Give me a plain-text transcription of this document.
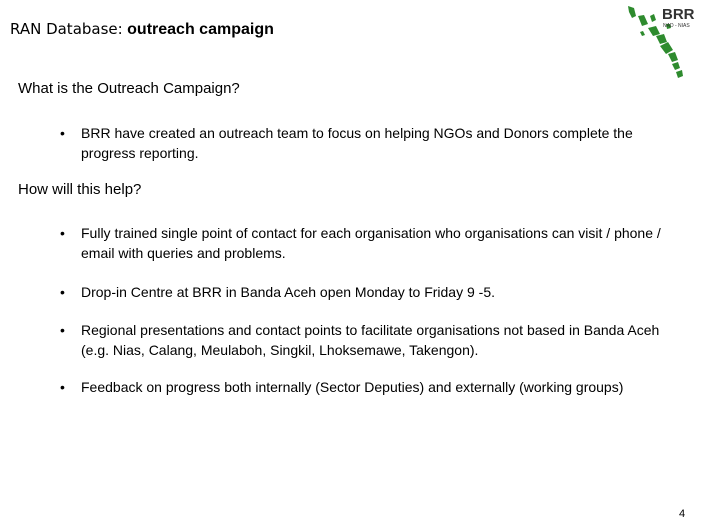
RAN Database: outreach campaign
BRR
NAD - NIAS
What is the Outreach Campaign?
• BRR have created an outreach team to focus on helping NGOs and Donors complete the progress reporting.
How will this help?
• Fully trained single point of contact for each organisation who organisations can visit / phone / email with queries and problems.
• Drop-in Centre at BRR in Banda Aceh open Monday to Friday 9 -5.
• Regional presentations and contact points to facilitate organisations not based in Banda Aceh (e.g. Nias, Calang, Meulaboh, Singkil, Lhoksemawe, Takengon).
• Feedback on progress both internally (Sector Deputies) and externally (working groups)
4
